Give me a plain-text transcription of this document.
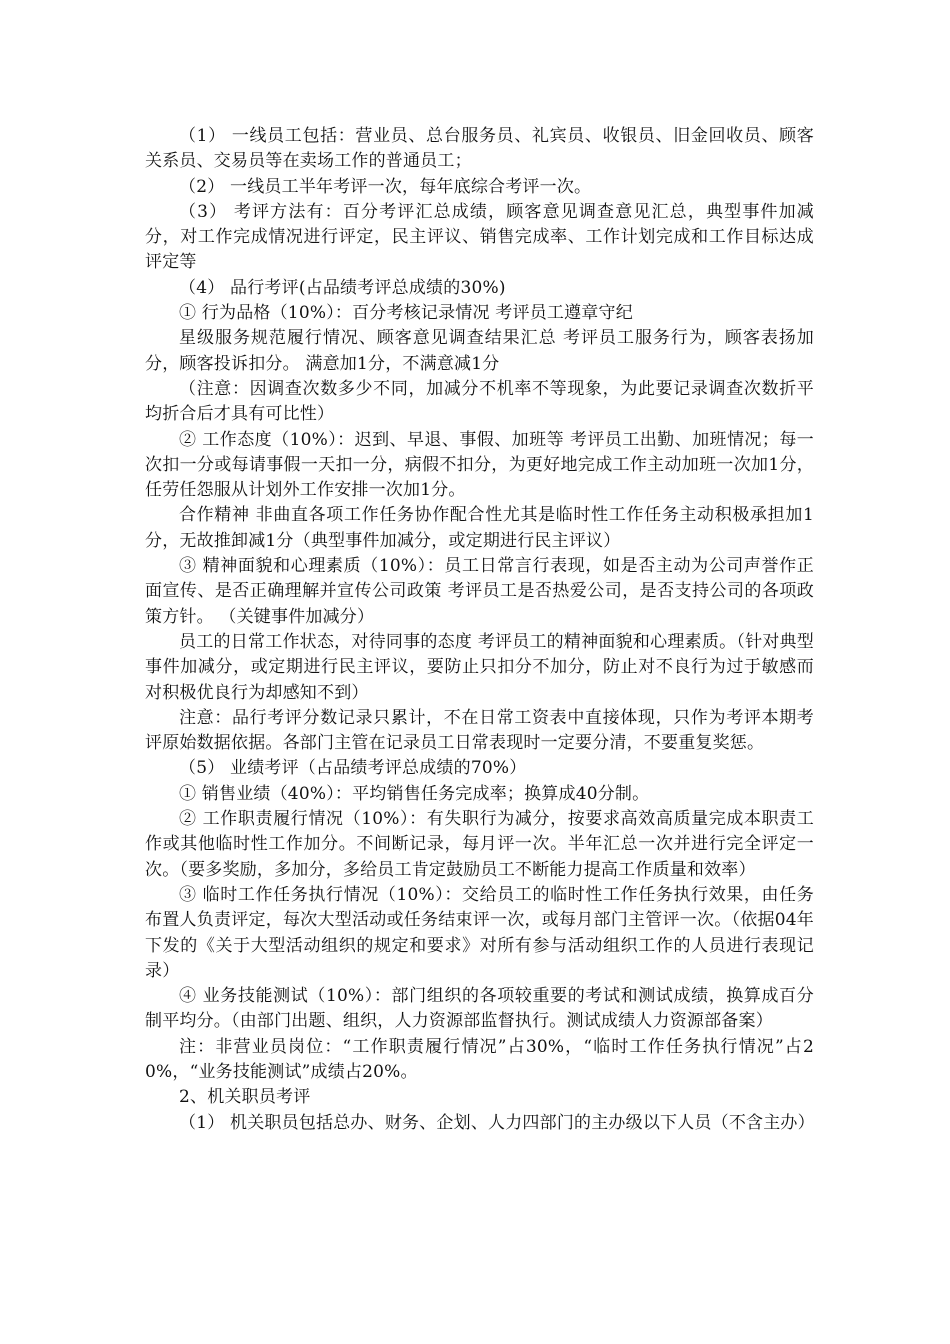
（1） 一线员工包括：营业员、总台服务员、礼宾员、收银员、旧金回收员、顾客关系员、交易员等在卖场工作的普通员工；

（2） 一线员工半年考评一次，每年底综合考评一次。

（3） 考评方法有：百分考评汇总成绩，顾客意见调查意见汇总，典型事件加减分，对工作完成情况进行评定，民主评议、销售完成率、工作计划完成和工作目标达成评定等

（4） 品行考评(占品绩考评总成绩的30%)

① 行为品格（10%）：百分考核记录情况 考评员工遵章守纪

星级服务规范履行情况、顾客意见调查结果汇总 考评员工服务行为，顾客表扬加分，顾客投诉扣分。 满意加1分，不满意减1分

（注意：因调查次数多少不同，加减分不机率不等现象，为此要记录调查次数折平均折合后才具有可比性）

② 工作态度（10%）：迟到、早退、事假、加班等 考评员工出勤、加班情况；每一次扣一分或每请事假一天扣一分，病假不扣分，为更好地完成工作主动加班一次加1分，任劳任怨服从计划外工作安排一次加1分。

合作精神 非曲直各项工作任务协作配合性尤其是临时性工作任务主动积极承担加1分，无故推卸减1分（典型事件加减分，或定期进行民主评议）

③ 精神面貌和心理素质（10%）：员工日常言行表现，如是否主动为公司声誉作正面宣传、是否正确理解并宣传公司政策 考评员工是否热爱公司，是否支持公司的各项政策方针。 （关键事件加减分）

员工的日常工作状态，对待同事的态度 考评员工的精神面貌和心理素质。（针对典型事件加减分，或定期进行民主评议，要防止只扣分不加分，防止对不良行为过于敏感而对积极优良行为却感知不到）

注意：品行考评分数记录只累计，不在日常工资表中直接体现，只作为考评本期考评原始数据依据。各部门主管在记录员工日常表现时一定要分清，不要重复奖惩。

（5） 业绩考评（占品绩考评总成绩的70%）

① 销售业绩（40%）：平均销售任务完成率；换算成40分制。

② 工作职责履行情况（10%）：有失职行为减分，按要求高效高质量完成本职责工作或其他临时性工作加分。不间断记录，每月评一次。半年汇总一次并进行完全评定一次。（要多奖励，多加分，多给员工肯定鼓励员工不断能力提高工作质量和效率）

③ 临时工作任务执行情况（10%）：交给员工的临时性工作任务执行效果，由任务布置人负责评定，每次大型活动或任务结束评一次，或每月部门主管评一次。（依据04年下发的《关于大型活动组织的规定和要求》对所有参与活动组织工作的人员进行表现记录）

④ 业务技能测试（10%）：部门组织的各项较重要的考试和测试成绩，换算成百分制平均分。（由部门出题、组织，人力资源部监督执行。测试成绩人力资源部备案）

注：非营业员岗位：“工作职责履行情况”占30%，“临时工作任务执行情况”占20%，“业务技能测试”成绩占20%。

2、机关职员考评

（1） 机关职员包括总办、财务、企划、人力四部门的主办级以下人员（不含主办）
